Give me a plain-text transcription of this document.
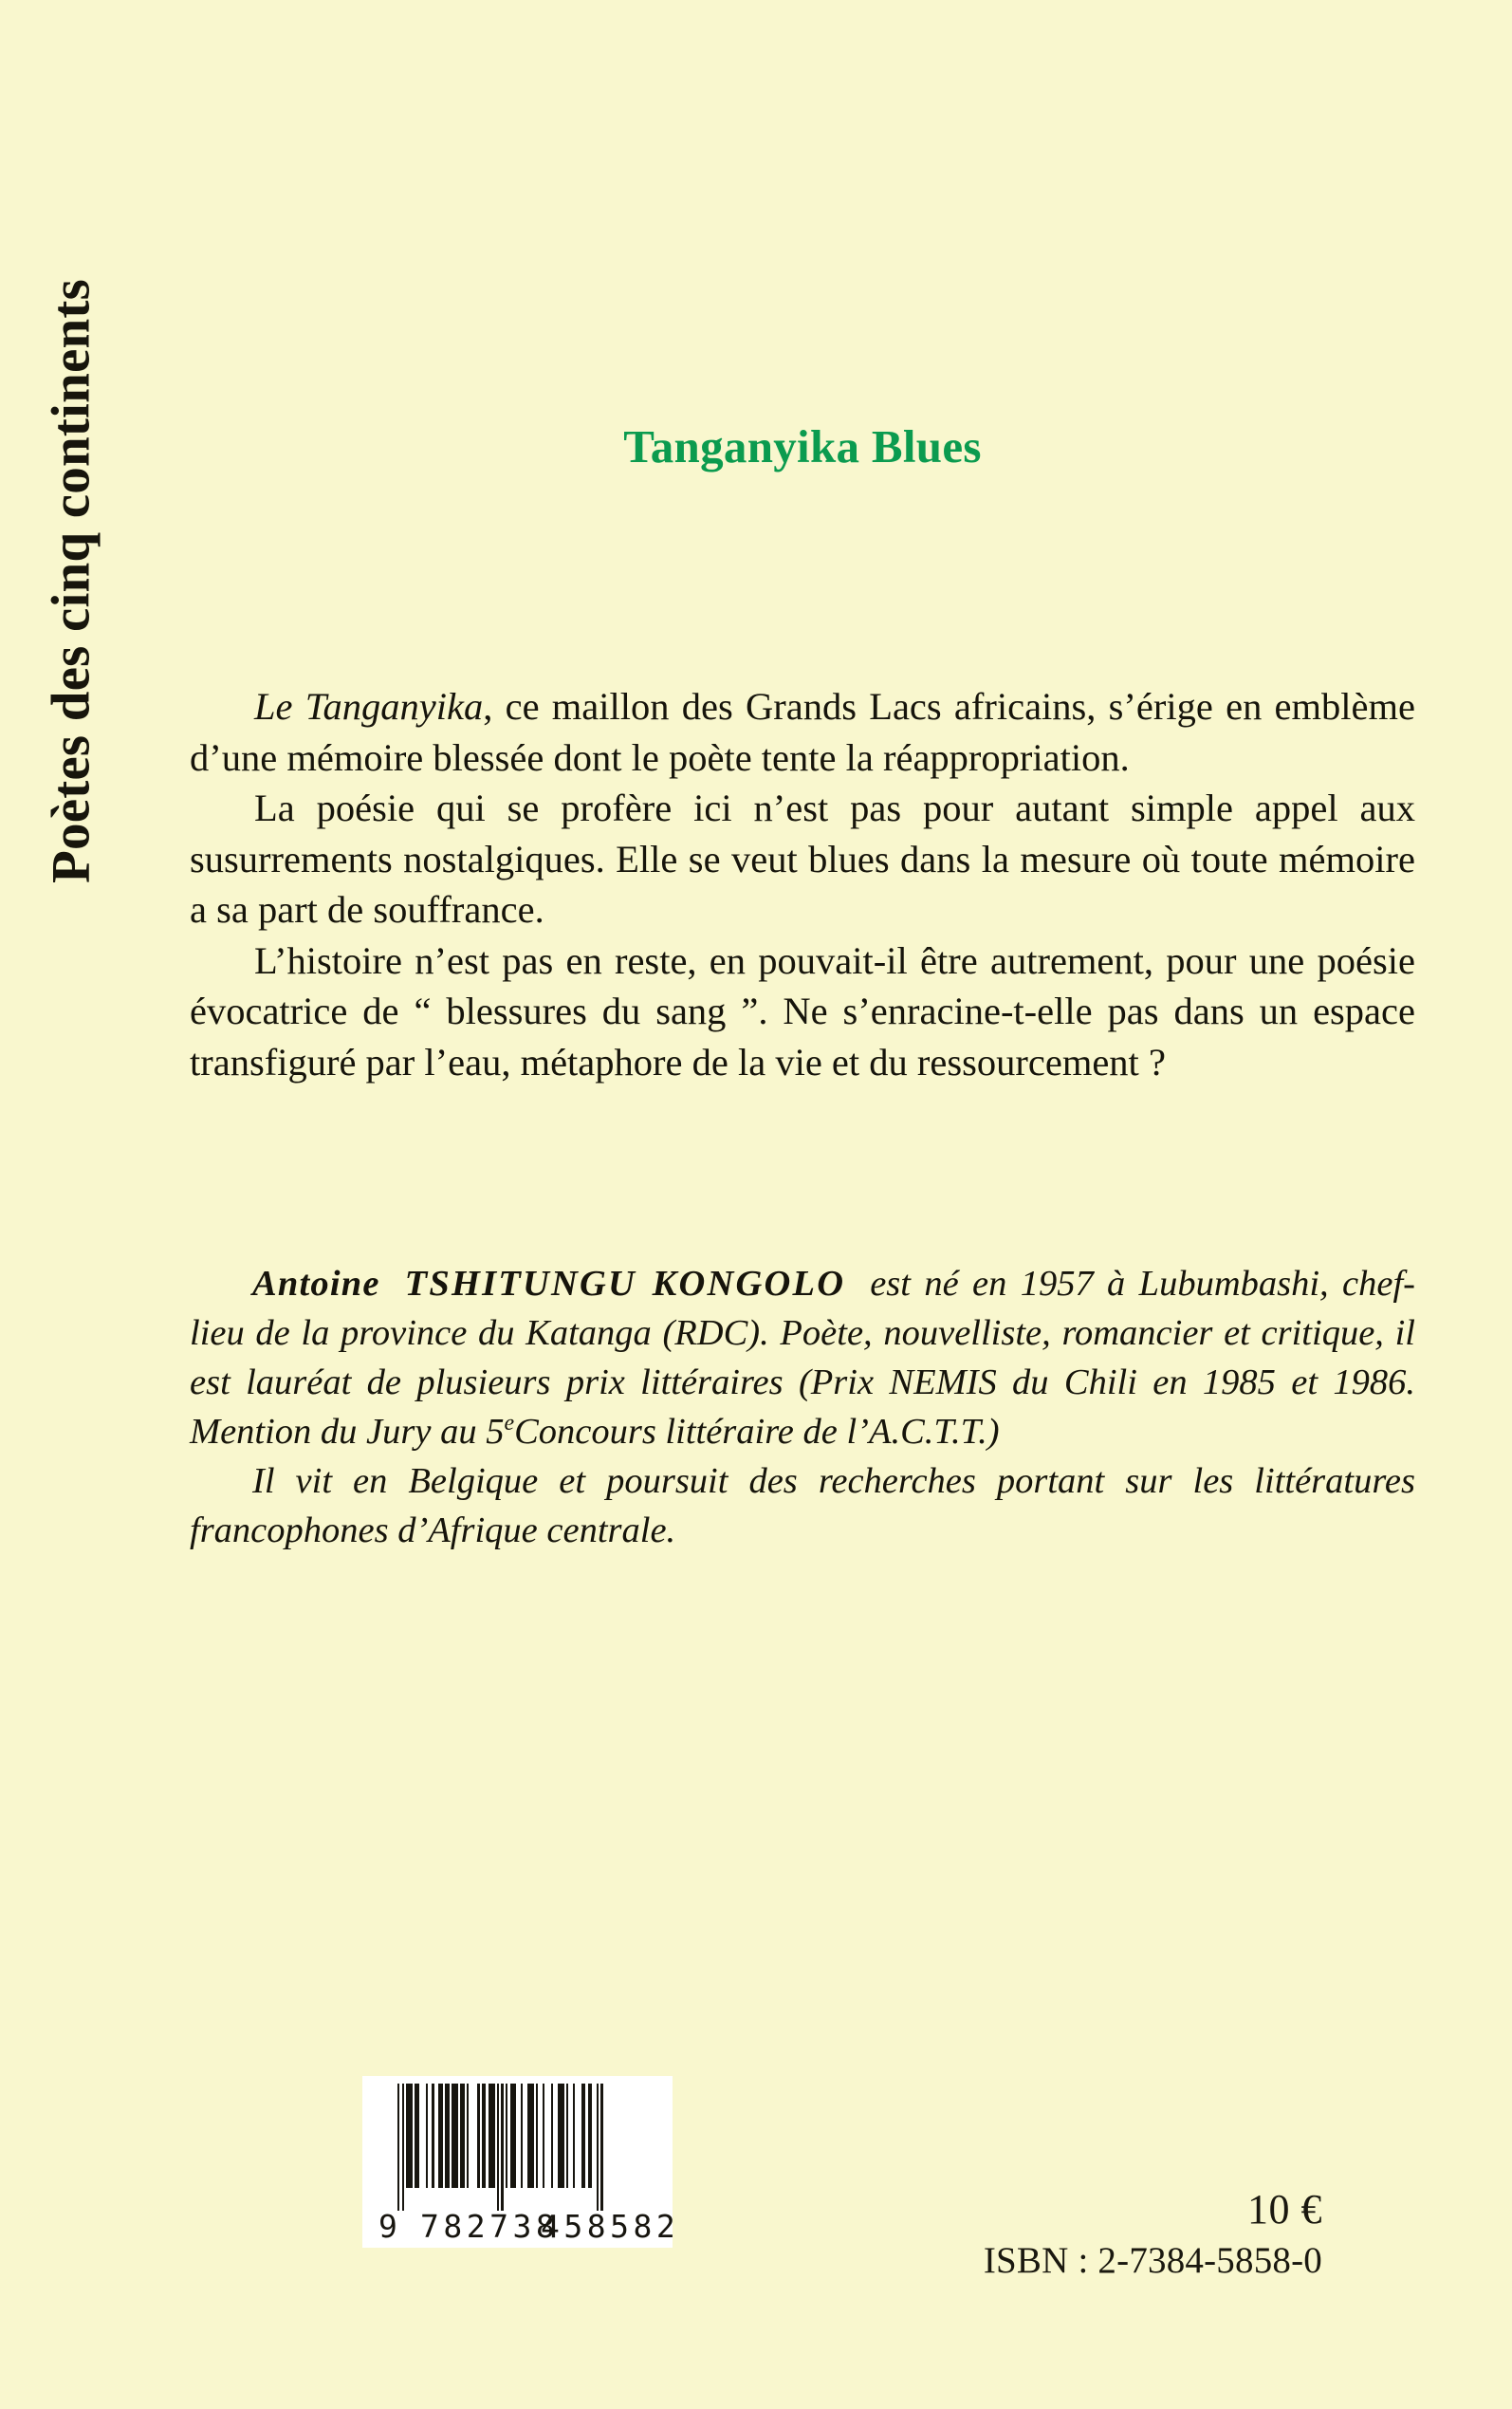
Poètes des cinq continents	Tanganyika Blues

Le Tanganyika, ce maillon des Grands Lacs africains, s’érige en emblème d’une mémoire blessée dont le poète tente la réappropriation.

La poésie qui se profère ici n’est pas pour autant simple appel aux susurrements nostalgiques. Elle se veut blues dans la mesure où toute mémoire a sa part de souffrance.

L’histoire n’est pas en reste, en pouvait-il être autrement, pour une poésie évocatrice de “ blessures du sang ”. Ne s’enracine-t-elle pas dans un espace transfiguré par l’eau, métaphore de la vie et du ressourcement ?

Antoine TSHITUNGU KONGOLO est né en 1957 à Lubumbashi, chef-lieu de la province du Katanga (RDC). Poète, nouvelliste, romancier et critique, il est lauréat de plusieurs prix littéraires (Prix NEMIS du Chili en 1985 et 1986. Mention du Jury au 5eConcours littéraire de l’A.C.T.T.)

Il vit en Belgique et poursuit des recherches portant sur les littératures francophones d’Afrique centrale.

9 782738
458582	10 €
ISBN : 2-7384-5858-0
